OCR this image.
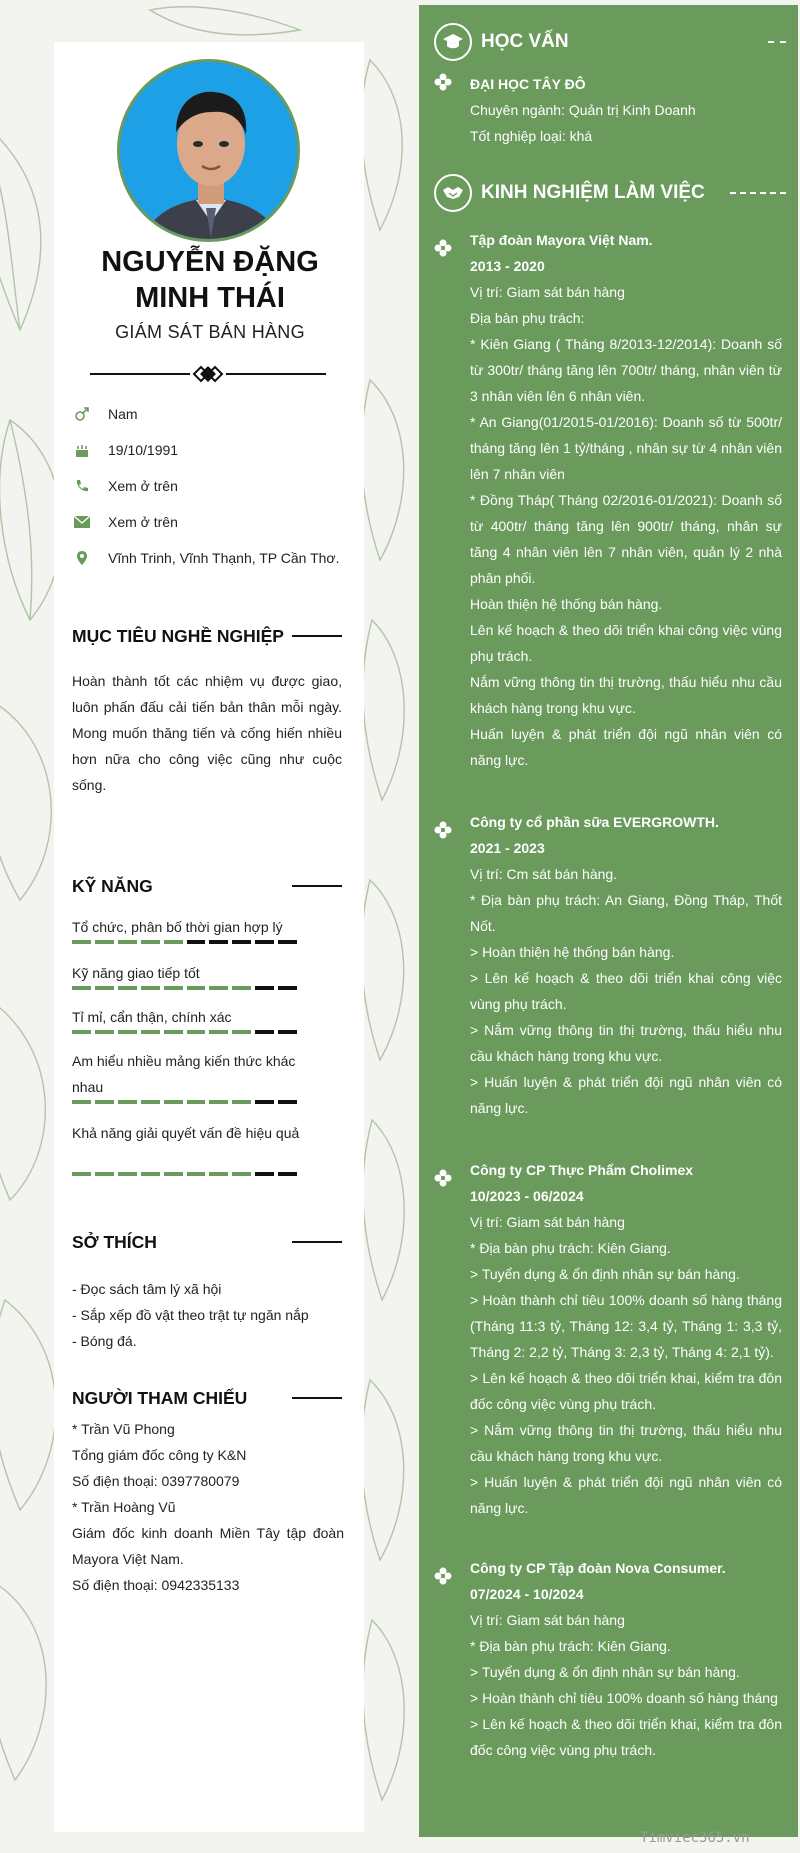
NGUYỄN ĐẶNG
MINH THÁI
GIÁM SÁT BÁN HÀNG
Nam
19/10/1991
Xem ở trên
Xem ở trên
Vĩnh Trinh, Vĩnh Thạnh, TP Cần Thơ.
MỤC TIÊU NGHỀ NGHIỆP
Hoàn thành tốt các nhiệm vụ được giao, luôn phấn đấu cải tiến bản thân mỗi ngày. Mong muốn thăng tiến và cống hiến nhiều hơn nữa cho công việc cũng như cuộc sống.
KỸ NĂNG
Tổ chức, phân bố thời gian hợp lý
Kỹ năng giao tiếp tốt
Tỉ mỉ, cẩn thận, chính xác
Am hiểu nhiều mảng kiến thức khác nhau
Khả năng giải quyết vấn đề hiệu quả
SỞ THÍCH
- Đọc sách tâm lý xã hội
- Sắp xếp đồ vật theo trật tự ngăn nắp
- Bóng đá.
NGƯỜI THAM CHIẾU
* Trần Vũ Phong
Tổng giám đốc công ty K&N
Số điện thoại: 0397780079
* Trần Hoàng Vũ
Giám đốc kinh doanh Miền Tây tập đoàn Mayora Việt Nam.
Số điện thoại: 0942335133
HỌC VẤN
ĐẠI HỌC TÂY ĐÔ
Chuyên ngành: Quản trị Kinh Doanh
Tốt nghiệp loại: khá
KINH NGHIỆM LÀM VIỆC
Tập đoàn Mayora Việt Nam.
2013 - 2020
Vị trí: Giam sát bán hàng
Địa bàn phụ trách:
* Kiên Giang ( Tháng 8/2013-12/2014): Doanh số từ 300tr/ tháng tăng lên 700tr/ tháng, nhân viên từ 3 nhân viên lên 6 nhân viên.
* An Giang(01/2015-01/2016): Doanh số từ 500tr/ tháng tăng lên 1 tỷ/tháng , nhân sự từ 4 nhân viên lên 7 nhân viên
* Đồng Tháp( Tháng 02/2016-01/2021): Doanh số từ 400tr/ tháng tăng lên 900tr/ tháng, nhân sự tăng 4 nhân viên lên 7 nhân viên, quản lý 2 nhà phân phối.
Hoàn thiện hệ thống bán hàng.
Lên kế hoạch & theo dõi triển khai công việc vùng phụ trách.
Nắm vững thông tin thị trường, thấu hiểu nhu cầu khách hàng trong khu vực.
Huấn luyện & phát triển đội ngũ nhân viên có năng lực.
Công ty cổ phần sữa EVERGROWTH.
2021 - 2023
Vị trí: Cm sát bán hàng.
* Địa bàn phụ trách: An Giang, Đồng Tháp, Thốt Nốt.
> Hoàn thiện hệ thống bán hàng.
> Lên kế hoạch & theo dõi triển khai công việc vùng phụ trách.
> Nắm vững thông tin thị trường, thấu hiểu nhu cầu khách hàng trong khu vực.
> Huấn luyện & phát triển đội ngũ nhân viên có năng lực.
Công ty CP Thực Phẩm Cholimex
10/2023 - 06/2024
Vị trí: Giam sát bán hàng
* Địa bàn phụ trách: Kiên Giang.
> Tuyển dụng & ổn định nhân sự bán hàng.
> Hoàn thành chỉ tiêu 100% doanh số hàng tháng (Tháng 11:3 tỷ, Tháng 12: 3,4 tỷ, Tháng 1: 3,3 tỷ, Tháng 2: 2,2 tỷ, Tháng 3: 2,3 tỷ, Tháng 4: 2,1 tỷ).
> Lên kế hoạch & theo dõi triển khai, kiểm tra đôn đốc công việc vùng phụ trách.
> Nắm vững thông tin thị trường, thấu hiểu nhu cầu khách hàng trong khu vực.
> Huấn luyện & phát triển đội ngũ nhân viên có năng lực.
Công ty CP Tập đoàn Nova Consumer.
07/2024 - 10/2024
Vị trí: Giam sát bán hàng
* Địa bàn phụ trách: Kiên Giang.
> Tuyển dụng & ổn định nhân sự bán hàng.
> Hoàn thành chỉ tiêu 100% doanh số hàng tháng
> Lên kế hoạch & theo dõi triển khai, kiểm tra đôn đốc công việc vùng phụ trách.
Timviec365.vn
